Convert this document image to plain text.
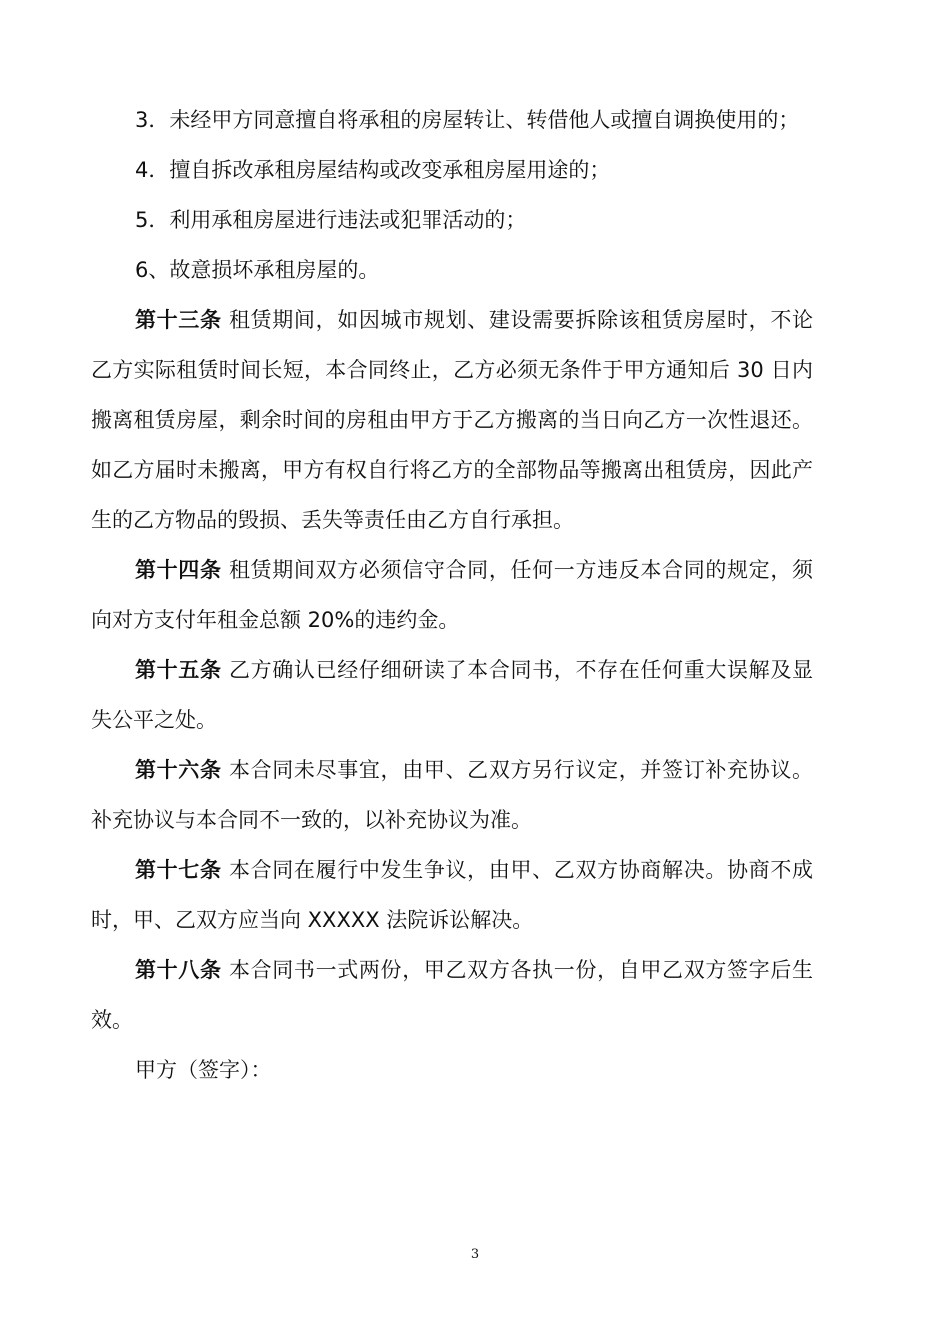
3．未经甲方同意擅自将承租的房屋转让、转借他人或擅自调换使用的；

4．擅自拆改承租房屋结构或改变承租房屋用途的；

5．利用承租房屋进行违法或犯罪活动的；

6、故意损坏承租房屋的。

第十三条 租赁期间，如因城市规划、建设需要拆除该租赁房屋时，不论乙方实际租赁时间长短，本合同终止，乙方必须无条件于甲方通知后 30 日内搬离租赁房屋，剩余时间的房租由甲方于乙方搬离的当日向乙方一次性退还。如乙方届时未搬离，甲方有权自行将乙方的全部物品等搬离出租赁房，因此产生的乙方物品的毁损、丢失等责任由乙方自行承担。

第十四条 租赁期间双方必须信守合同，任何一方违反本合同的规定，须向对方支付年租金总额 20%的违约金。

第十五条 乙方确认已经仔细研读了本合同书，不存在任何重大误解及显失公平之处。

第十六条 本合同未尽事宜，由甲、乙双方另行议定，并签订补充协议。补充协议与本合同不一致的，以补充协议为准。

第十七条 本合同在履行中发生争议，由甲、乙双方协商解决。协商不成时，甲、乙双方应当向 XXXXX 法院诉讼解决。

第十八条 本合同书一式两份，甲乙双方各执一份，自甲乙双方签字后生效。

甲方（签字）：

3
